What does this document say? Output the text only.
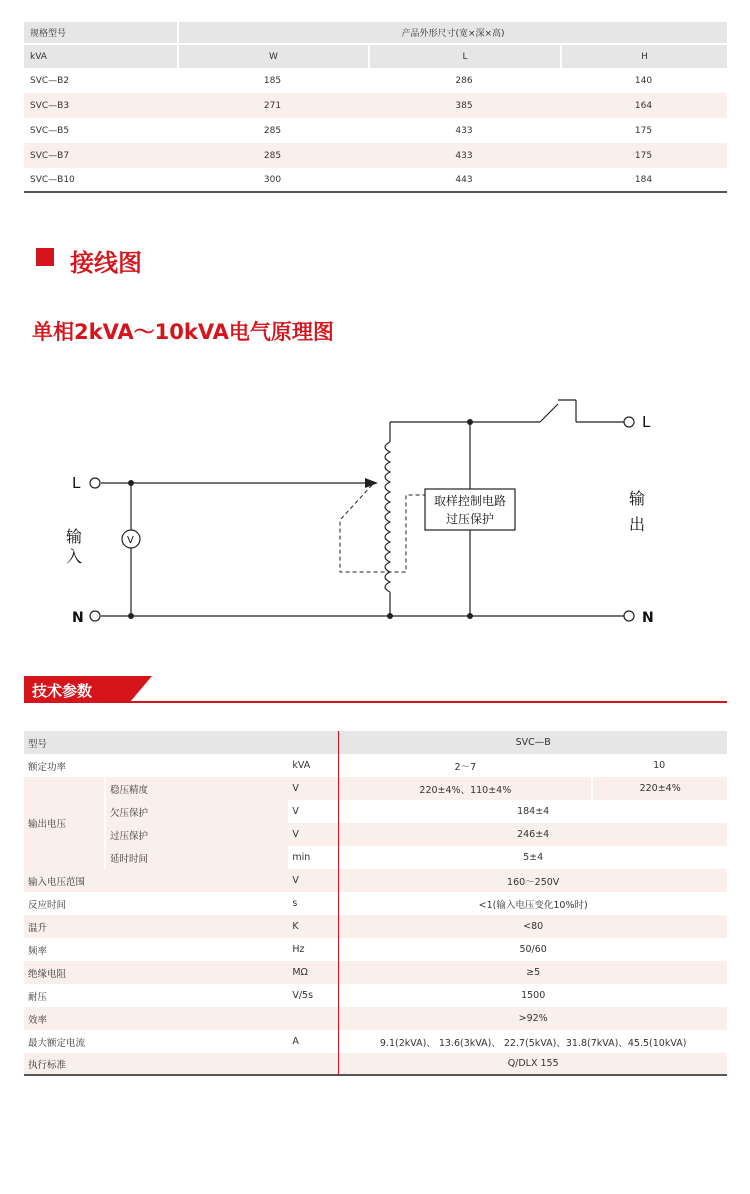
规格型号	产品外形尺寸(宽×深×高)		
kVA	W	L	H
SVC—B2	185	286	140
SVC—B3	271	385	164
SVC—B5	285	433	175
SVC—B7	285	433	175
SVC—B10	300	443	184
接线图
单相2kVA～10kVA电气原理图
L
N
L
N
V
输
入
输
出
取样控制电路
过压保护
技术参数
型号			SVC—B	
额定功率		kVA	2～7	10
输出电压	稳压精度	V	220±4%、110±4%	220±4%
	欠压保护	V	184±4	
	过压保护	V	246±4	
	延时时间	min	5±4	
输入电压范围		V	160～250V	
反应时间		s	<1(输入电压变化10%时)	
温升		K	<80	
频率		Hz	50/60	
绝缘电阻		MΩ	≥5	
耐压		V/5s	1500	
效率			>92%	
最大额定电流		A	9.1(2kVA)、 13.6(3kVA)、 22.7(5kVA)、31.8(7kVA)、45.5(10kVA)	
执行标准			Q/DLX 155	
